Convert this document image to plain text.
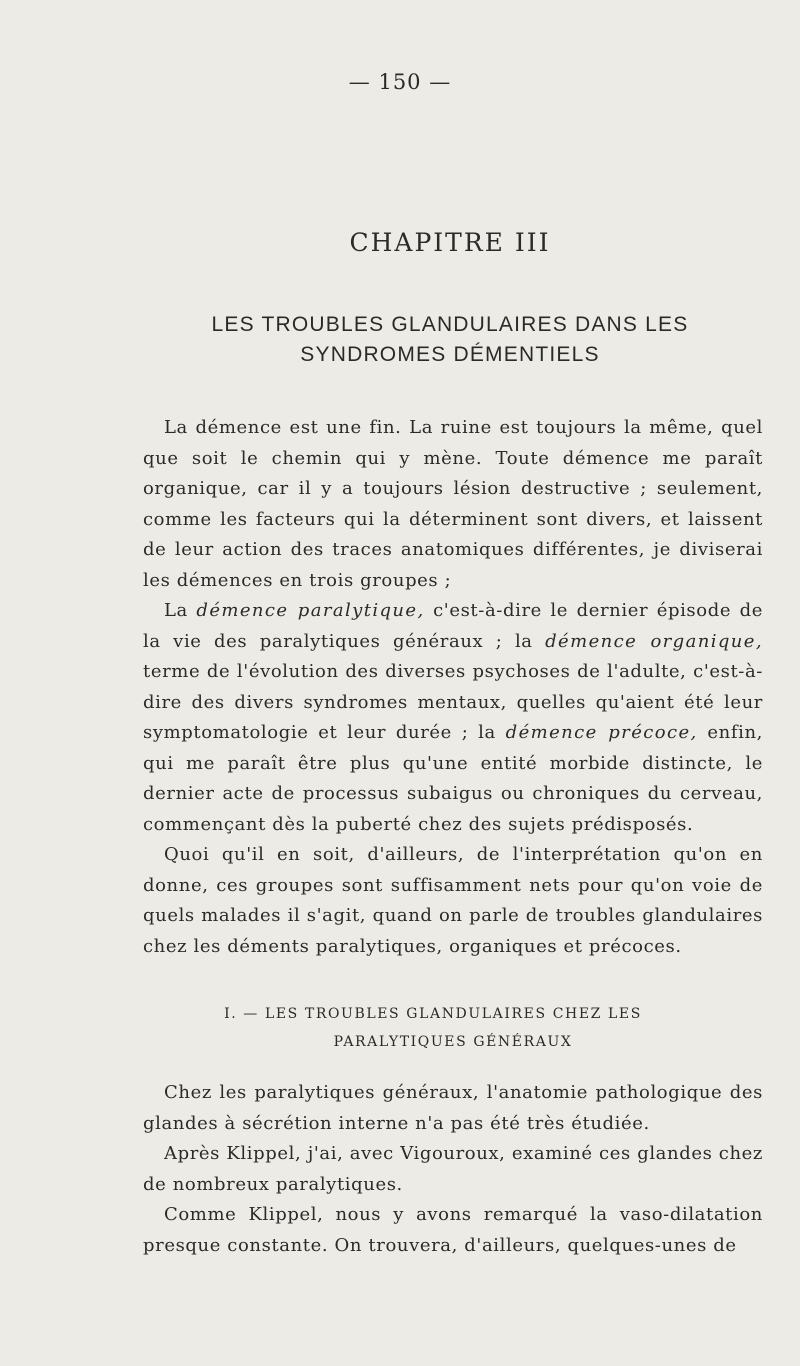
— 150 —
CHAPITRE III
LES TROUBLES GLANDULAIRES DANS LES
SYNDROMES DÉMENTIELS

La démence est une fin. La ruine est toujours la même, quel que soit le chemin qui y mène. Toute démence me paraît organique, car il y a toujours lésion destructive ; seulement, comme les facteurs qui la déterminent sont divers, et laissent de leur action des traces anatomiques différentes, je diviserai les démences en trois groupes ;

La démence paralytique, c'est-à-dire le dernier épisode de la vie des paralytiques généraux ; la démence organique, terme de l'évolution des diverses psychoses de l'adulte, c'est-à-dire des divers syndromes mentaux, quelles qu'aient été leur symptomatologie et leur durée ; la démence précoce, enfin, qui me paraît être plus qu'une entité morbide distincte, le dernier acte de processus subaigus ou chroniques du cerveau, commençant dès la puberté chez des sujets prédisposés.

Quoi qu'il en soit, d'ailleurs, de l'interprétation qu'on en donne, ces groupes sont suffisamment nets pour qu'on voie de quels malades il s'agit, quand on parle de troubles glandulaires chez les déments paralytiques, organiques et précoces.

I. — LES TROUBLES GLANDULAIRES CHEZ LES
PARALYTIQUES GÉNÉRAUX

Chez les paralytiques généraux, l'anatomie pathologique des glandes à sécrétion interne n'a pas été très étudiée.

Après Klippel, j'ai, avec Vigouroux, examiné ces glandes chez de nombreux paralytiques.

Comme Klippel, nous y avons remarqué la vaso-dilatation presque constante. On trouvera, d'ailleurs, quelques-unes de
